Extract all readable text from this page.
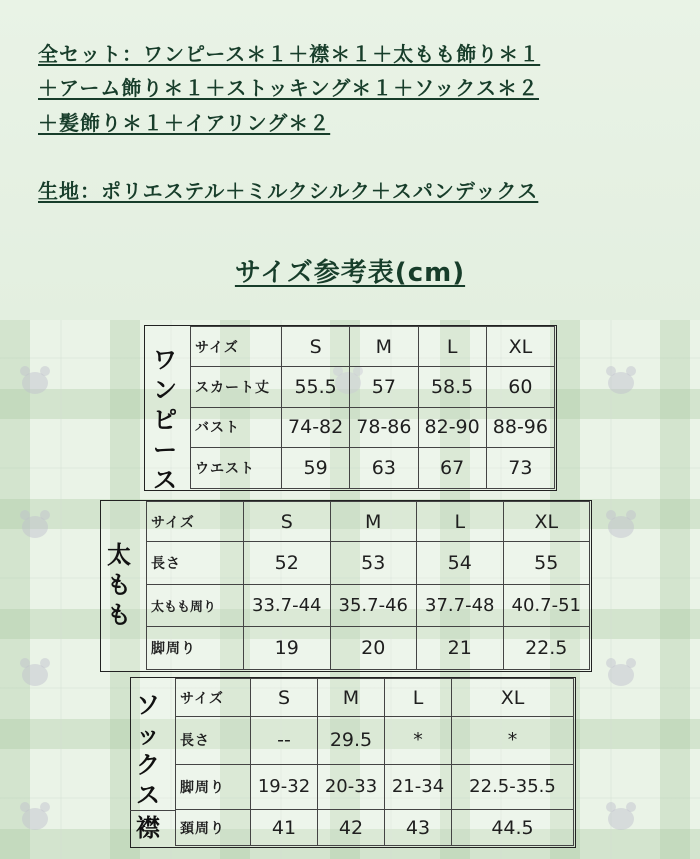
全セット：ワンピース＊１＋襟＊１＋太もも飾り＊１
＋アーム飾り＊１＋ストッキング＊１＋ソックス＊２
＋髪飾り＊１＋イアリング＊２
生地：ポリエステル＋ミルクシルク＋スパンデックス
サイズ参考表(cm)
ワ
ン
ピ
ー
ス
サイズ	S	M	L	XL
スカート丈	55.5	57	58.5	60
バスト	74-82	78-86	82-90	88-96
ウエスト	59	63	67	73
太
も
も
サイズ	S	M	L	XL
長さ	52	53	54	55
太もも周り	33.7-44	35.7-46	37.7-48	40.7-51
脚周り	19	20	21	22.5
ソ
ッ
ク
ス
襟
サイズ	S	M	L	XL
長さ	--	29.5	*	*
脚周り	19-32	20-33	21-34	22.5-35.5
頚周り	41	42	43	44.5
